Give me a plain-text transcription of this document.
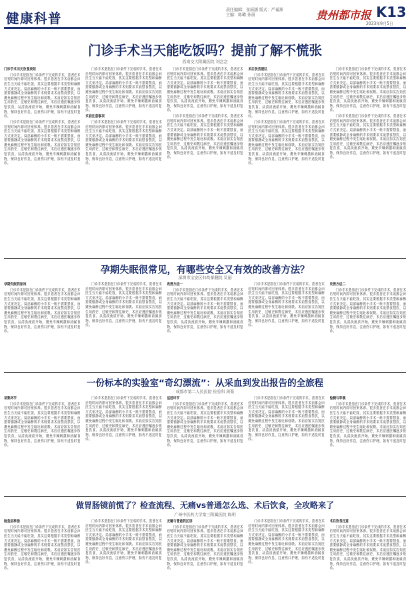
健康科普
责任编辑：张丽涵 版式：严福源
主编：陈璐 孙丽	贵州都市报 K13
2023年9月5日
门诊手术当天能吃饭吗？提前了解不慌张
西南交大附属医院 刘念念

门诊手术当天饮食须知

门诊手术是指在门诊条件下完成的手术，患者在术后短时间内即可回家休养。很多患者在手术前都会问医生当天能不能吃饭，其实这要根据手术类型和麻醉方式来决定。局部麻醉的小手术一般不需要禁食，而需要镇静或全身麻醉的手术则要求术前禁食禁饮，以避免麻醉过程中发生呕吐和误吸。术前应如实告知医生用药史、过敏史和既往病史，术后应遵医嘱逐步恢复饮食，从清淡流质开始，避免辛辣刺激和油腻食物，保持良好作息，注意伤口护理，如有不适及时复诊。

门诊手术是指在门诊条件下完成的手术，患者在术后短时间内即可回家休养。很多患者在手术前都会问医生当天能不能吃饭，其实这要根据手术类型和麻醉方式来决定。局部麻醉的小手术一般不需要禁食，而需要镇静或全身麻醉的手术则要求术前禁食禁饮，以避免麻醉过程中发生呕吐和误吸。术前应如实告知医生用药史、过敏史和既往病史，术后应遵医嘱逐步恢复饮食，从清淡流质开始，避免辛辣刺激和油腻食物，保持良好作息，注意伤口护理，如有不适及时复诊。

门诊手术是指在门诊条件下完成的手术，患者在术后短时间内即可回家休养。很多患者在手术前都会问医生当天能不能吃饭，其实这要根据手术类型和麻醉方式来决定。局部麻醉的小手术一般不需要禁食，而需要镇静或全身麻醉的手术则要求术前禁食禁饮，以避免麻醉过程中发生呕吐和误吸。术前应如实告知医生用药史、过敏史和既往病史，术后应遵医嘱逐步恢复饮食，从清淡流质开始，避免辛辣刺激和油腻食物，保持良好作息，注意伤口护理，如有不适及时复诊。

术前注意事项

门诊手术是指在门诊条件下完成的手术，患者在术后短时间内即可回家休养。很多患者在手术前都会问医生当天能不能吃饭，其实这要根据手术类型和麻醉方式来决定。局部麻醉的小手术一般不需要禁食，而需要镇静或全身麻醉的手术则要求术前禁食禁饮，以避免麻醉过程中发生呕吐和误吸。术前应如实告知医生用药史、过敏史和既往病史，术后应遵医嘱逐步恢复饮食，从清淡流质开始，避免辛辣刺激和油腻食物，保持良好作息，注意伤口护理，如有不适及时复诊。

门诊手术是指在门诊条件下完成的手术，患者在术后短时间内即可回家休养。很多患者在手术前都会问医生当天能不能吃饭，其实这要根据手术类型和麻醉方式来决定。局部麻醉的小手术一般不需要禁食，而需要镇静或全身麻醉的手术则要求术前禁食禁饮，以避免麻醉过程中发生呕吐和误吸。术前应如实告知医生用药史、过敏史和既往病史，术后应遵医嘱逐步恢复饮食，从清淡流质开始，避免辛辣刺激和油腻食物，保持良好作息，注意伤口护理，如有不适及时复诊。

门诊手术是指在门诊条件下完成的手术，患者在术后短时间内即可回家休养。很多患者在手术前都会问医生当天能不能吃饭，其实这要根据手术类型和麻醉方式来决定。局部麻醉的小手术一般不需要禁食，而需要镇静或全身麻醉的手术则要求术前禁食禁饮，以避免麻醉过程中发生呕吐和误吸。术前应如实告知医生用药史、过敏史和既往病史，术后应遵医嘱逐步恢复饮食，从清淡流质开始，避免辛辣刺激和油腻食物，保持良好作息，注意伤口护理，如有不适及时复诊。

术后饮食建议

门诊手术是指在门诊条件下完成的手术，患者在术后短时间内即可回家休养。很多患者在手术前都会问医生当天能不能吃饭，其实这要根据手术类型和麻醉方式来决定。局部麻醉的小手术一般不需要禁食，而需要镇静或全身麻醉的手术则要求术前禁食禁饮，以避免麻醉过程中发生呕吐和误吸。术前应如实告知医生用药史、过敏史和既往病史，术后应遵医嘱逐步恢复饮食，从清淡流质开始，避免辛辣刺激和油腻食物，保持良好作息，注意伤口护理，如有不适及时复诊。

门诊手术是指在门诊条件下完成的手术，患者在术后短时间内即可回家休养。很多患者在手术前都会问医生当天能不能吃饭，其实这要根据手术类型和麻醉方式来决定。局部麻醉的小手术一般不需要禁食，而需要镇静或全身麻醉的手术则要求术前禁食禁饮，以避免麻醉过程中发生呕吐和误吸。术前应如实告知医生用药史、过敏史和既往病史，术后应遵医嘱逐步恢复饮食，从清淡流质开始，避免辛辣刺激和油腻食物，保持良好作息，注意伤口护理，如有不适及时复诊。

门诊手术是指在门诊条件下完成的手术，患者在术后短时间内即可回家休养。很多患者在手术前都会问医生当天能不能吃饭，其实这要根据手术类型和麻醉方式来决定。局部麻醉的小手术一般不需要禁食，而需要镇静或全身麻醉的手术则要求术前禁食禁饮，以避免麻醉过程中发生呕吐和误吸。术前应如实告知医生用药史、过敏史和既往病史，术后应遵医嘱逐步恢复饮食，从清淡流质开始，避免辛辣刺激和油腻食物，保持良好作息，注意伤口护理，如有不适及时复诊。

门诊手术是指在门诊条件下完成的手术，患者在术后短时间内即可回家休养。很多患者在手术前都会问医生当天能不能吃饭，其实这要根据手术类型和麻醉方式来决定。局部麻醉的小手术一般不需要禁食，而需要镇静或全身麻醉的手术则要求术前禁食禁饮，以避免麻醉过程中发生呕吐和误吸。术前应如实告知医生用药史、过敏史和既往病史，术后应遵医嘱逐步恢复饮食，从清淡流质开始，避免辛辣刺激和油腻食物，保持良好作息，注意伤口护理，如有不适及时复诊。

孕期失眠很常见，有哪些安全又有效的改善方法？
深圳市宝安区妇幼保健院 吴丽

孕期失眠的原因

门诊手术是指在门诊条件下完成的手术，患者在术后短时间内即可回家休养。很多患者在手术前都会问医生当天能不能吃饭，其实这要根据手术类型和麻醉方式来决定。局部麻醉的小手术一般不需要禁食，而需要镇静或全身麻醉的手术则要求术前禁食禁饮，以避免麻醉过程中发生呕吐和误吸。术前应如实告知医生用药史、过敏史和既往病史，术后应遵医嘱逐步恢复饮食，从清淡流质开始，避免辛辣刺激和油腻食物，保持良好作息，注意伤口护理，如有不适及时复诊。

门诊手术是指在门诊条件下完成的手术，患者在术后短时间内即可回家休养。很多患者在手术前都会问医生当天能不能吃饭，其实这要根据手术类型和麻醉方式来决定。局部麻醉的小手术一般不需要禁食，而需要镇静或全身麻醉的手术则要求术前禁食禁饮，以避免麻醉过程中发生呕吐和误吸。术前应如实告知医生用药史、过敏史和既往病史，术后应遵医嘱逐步恢复饮食，从清淡流质开始，避免辛辣刺激和油腻食物，保持良好作息，注意伤口护理，如有不适及时复诊。

改善方法一

门诊手术是指在门诊条件下完成的手术，患者在术后短时间内即可回家休养。很多患者在手术前都会问医生当天能不能吃饭，其实这要根据手术类型和麻醉方式来决定。局部麻醉的小手术一般不需要禁食，而需要镇静或全身麻醉的手术则要求术前禁食禁饮，以避免麻醉过程中发生呕吐和误吸。术前应如实告知医生用药史、过敏史和既往病史，术后应遵医嘱逐步恢复饮食，从清淡流质开始，避免辛辣刺激和油腻食物，保持良好作息，注意伤口护理，如有不适及时复诊。

门诊手术是指在门诊条件下完成的手术，患者在术后短时间内即可回家休养。很多患者在手术前都会问医生当天能不能吃饭，其实这要根据手术类型和麻醉方式来决定。局部麻醉的小手术一般不需要禁食，而需要镇静或全身麻醉的手术则要求术前禁食禁饮，以避免麻醉过程中发生呕吐和误吸。术前应如实告知医生用药史、过敏史和既往病史，术后应遵医嘱逐步恢复饮食，从清淡流质开始，避免辛辣刺激和油腻食物，保持良好作息，注意伤口护理，如有不适及时复诊。

改善方法二

门诊手术是指在门诊条件下完成的手术，患者在术后短时间内即可回家休养。很多患者在手术前都会问医生当天能不能吃饭，其实这要根据手术类型和麻醉方式来决定。局部麻醉的小手术一般不需要禁食，而需要镇静或全身麻醉的手术则要求术前禁食禁饮，以避免麻醉过程中发生呕吐和误吸。术前应如实告知医生用药史、过敏史和既往病史，术后应遵医嘱逐步恢复饮食，从清淡流质开始，避免辛辣刺激和油腻食物，保持良好作息，注意伤口护理，如有不适及时复诊。

一份标本的实验室“奇幻漂流”：从采血到发出报告的全旅程
成都市第二人民医院 检验科 周菊

采集环节

门诊手术是指在门诊条件下完成的手术，患者在术后短时间内即可回家休养。很多患者在手术前都会问医生当天能不能吃饭，其实这要根据手术类型和麻醉方式来决定。局部麻醉的小手术一般不需要禁食，而需要镇静或全身麻醉的手术则要求术前禁食禁饮，以避免麻醉过程中发生呕吐和误吸。术前应如实告知医生用药史、过敏史和既往病史，术后应遵医嘱逐步恢复饮食，从清淡流质开始，避免辛辣刺激和油腻食物，保持良好作息，注意伤口护理，如有不适及时复诊。

门诊手术是指在门诊条件下完成的手术，患者在术后短时间内即可回家休养。很多患者在手术前都会问医生当天能不能吃饭，其实这要根据手术类型和麻醉方式来决定。局部麻醉的小手术一般不需要禁食，而需要镇静或全身麻醉的手术则要求术前禁食禁饮，以避免麻醉过程中发生呕吐和误吸。术前应如实告知医生用药史、过敏史和既往病史，术后应遵医嘱逐步恢复饮食，从清淡流质开始，避免辛辣刺激和油腻食物，保持良好作息，注意伤口护理，如有不适及时复诊。

运送环节

门诊手术是指在门诊条件下完成的手术，患者在术后短时间内即可回家休养。很多患者在手术前都会问医生当天能不能吃饭，其实这要根据手术类型和麻醉方式来决定。局部麻醉的小手术一般不需要禁食，而需要镇静或全身麻醉的手术则要求术前禁食禁饮，以避免麻醉过程中发生呕吐和误吸。术前应如实告知医生用药史、过敏史和既往病史，术后应遵医嘱逐步恢复饮食，从清淡流质开始，避免辛辣刺激和油腻食物，保持良好作息，注意伤口护理，如有不适及时复诊。

门诊手术是指在门诊条件下完成的手术，患者在术后短时间内即可回家休养。很多患者在手术前都会问医生当天能不能吃饭，其实这要根据手术类型和麻醉方式来决定。局部麻醉的小手术一般不需要禁食，而需要镇静或全身麻醉的手术则要求术前禁食禁饮，以避免麻醉过程中发生呕吐和误吸。术前应如实告知医生用药史、过敏史和既往病史，术后应遵医嘱逐步恢复饮食，从清淡流质开始，避免辛辣刺激和油腻食物，保持良好作息，注意伤口护理，如有不适及时复诊。

检测与审核

门诊手术是指在门诊条件下完成的手术，患者在术后短时间内即可回家休养。很多患者在手术前都会问医生当天能不能吃饭，其实这要根据手术类型和麻醉方式来决定。局部麻醉的小手术一般不需要禁食，而需要镇静或全身麻醉的手术则要求术前禁食禁饮，以避免麻醉过程中发生呕吐和误吸。术前应如实告知医生用药史、过敏史和既往病史，术后应遵医嘱逐步恢复饮食，从清淡流质开始，避免辛辣刺激和油腻食物，保持良好作息，注意伤口护理，如有不适及时复诊。

做胃肠镜前慌了？检查流程、无痛vs普通怎么选、术后饮食，全攻略来了
广州中医药大学第三附属医院 陈明

检查前准备

门诊手术是指在门诊条件下完成的手术，患者在术后短时间内即可回家休养。很多患者在手术前都会问医生当天能不能吃饭，其实这要根据手术类型和麻醉方式来决定。局部麻醉的小手术一般不需要禁食，而需要镇静或全身麻醉的手术则要求术前禁食禁饮，以避免麻醉过程中发生呕吐和误吸。术前应如实告知医生用药史、过敏史和既往病史，术后应遵医嘱逐步恢复饮食，从清淡流质开始，避免辛辣刺激和油腻食物，保持良好作息，注意伤口护理，如有不适及时复诊。

门诊手术是指在门诊条件下完成的手术，患者在术后短时间内即可回家休养。很多患者在手术前都会问医生当天能不能吃饭，其实这要根据手术类型和麻醉方式来决定。局部麻醉的小手术一般不需要禁食，而需要镇静或全身麻醉的手术则要求术前禁食禁饮，以避免麻醉过程中发生呕吐和误吸。术前应如实告知医生用药史、过敏史和既往病史，术后应遵医嘱逐步恢复饮食，从清淡流质开始，避免辛辣刺激和油腻食物，保持良好作息，注意伤口护理，如有不适及时复诊。

无痛与普通的区别

门诊手术是指在门诊条件下完成的手术，患者在术后短时间内即可回家休养。很多患者在手术前都会问医生当天能不能吃饭，其实这要根据手术类型和麻醉方式来决定。局部麻醉的小手术一般不需要禁食，而需要镇静或全身麻醉的手术则要求术前禁食禁饮，以避免麻醉过程中发生呕吐和误吸。术前应如实告知医生用药史、过敏史和既往病史，术后应遵医嘱逐步恢复饮食，从清淡流质开始，避免辛辣刺激和油腻食物，保持良好作息，注意伤口护理，如有不适及时复诊。

门诊手术是指在门诊条件下完成的手术，患者在术后短时间内即可回家休养。很多患者在手术前都会问医生当天能不能吃饭，其实这要根据手术类型和麻醉方式来决定。局部麻醉的小手术一般不需要禁食，而需要镇静或全身麻醉的手术则要求术前禁食禁饮，以避免麻醉过程中发生呕吐和误吸。术前应如实告知医生用药史、过敏史和既往病史，术后应遵医嘱逐步恢复饮食，从清淡流质开始，避免辛辣刺激和油腻食物，保持良好作息，注意伤口护理，如有不适及时复诊。

术后饮食注意

门诊手术是指在门诊条件下完成的手术，患者在术后短时间内即可回家休养。很多患者在手术前都会问医生当天能不能吃饭，其实这要根据手术类型和麻醉方式来决定。局部麻醉的小手术一般不需要禁食，而需要镇静或全身麻醉的手术则要求术前禁食禁饮，以避免麻醉过程中发生呕吐和误吸。术前应如实告知医生用药史、过敏史和既往病史，术后应遵医嘱逐步恢复饮食，从清淡流质开始，避免辛辣刺激和油腻食物，保持良好作息，注意伤口护理，如有不适及时复诊。
